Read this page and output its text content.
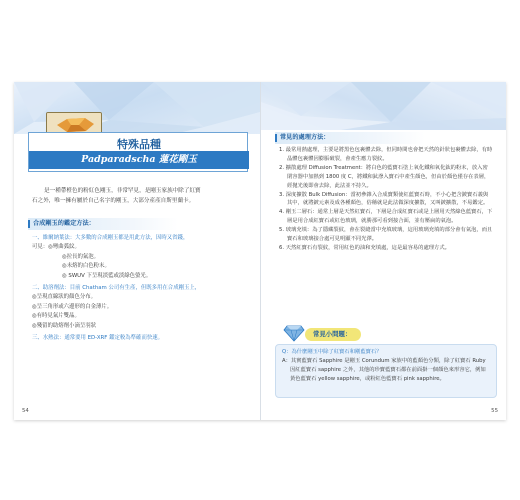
特殊品種
Padparadscha 蓮花剛玉
是一種帶橙色的粉紅色剛玉，非常罕見，是剛玉家族中除了紅寶
石之外，唯一擁有屬於自己名字的剛玉，大部分產產自斯里蘭卡。
合成剛玉的鑑定方法：
一、維爾納葉法：大多數的合成剛玉都是用此方法，因時又省錢，
可見：◎彎曲弧紋。
◎拉長的氣泡。
◎未熔的白色粉末。
◎ SWUV 下呈現淡藍或淡綠色螢光。
二、助溶劑法：目前 Chatham 公司有生產，但既多用在合成剛玉上，
◎呈現直線狀的顏色分布。
◎呈三角形或六邊形的白金薄片。
◎有時見氣片雙晶。
◎殘留的助熔劑小滴呈羽狀
三、水熱法：通常要用 ED-XRF 鑑定較為準確而快速。
54
常見的處理方法：
1. 最常用熱處理，主要是將黑色包裹體去除，但同時間也會把天然的針狀包裹體去除，有時晶體包裹體因膨脹破裂，會產生應力裂紋。
2. 擴散處理 Diffusion Treatment：將白色的藍寶石塗上氧化鐵和氧化鈦的粉末，放入密閉容器中加熱到 1800 度 C，將鐵和鈦滲入寶石中產生顏色，但由於顏色僅存在表層，經拋光後即會去除，此法並不持久。
3. 深度擴散 Bulk Diffusion：當初參雜入合成寶類使紅藍寶石時，不小心把含鈹寶石義與其中，就將鈹元素及成各種顏色，俗稱就是此法做深度擴散，又叫鈹擴散，不易鑑定。
4. 剛玉二層石：通常上層是天然紅寶石，下層是合成紅寶石或是上層用天然綠色藍寶石，下層是用合成紅寶石或紅色玻璃，就勝那可看到接合面，並有壓扁的氣泡。
5. 玻璃充填：為了隱藏裂紋，會在裂縫當中充填玻璃，這用玻璃充填的部分會有氣泡，而且寶石和玻璃接合處可見明顯不同光澤。
6. 天然紅寶石有裂紋，常用紅色的油和充填處，這是最容易的處理方式。
常見小問題：
Q：為什麼剛玉中除了紅寶石和剛藍寶石？
A：其實藍寶石 Sapphire 是剛玉 Corundum 家族中的藍顏色分類，除了紅寶石 Ruby 因紅藍寶石 sapphire 之外，其他的珍寶藍寶石都在前面掛一個顏色來形容它，例如黃色藍寶石 yellow sapphire，或粉紅色藍寶石 pink sapphire。
55
